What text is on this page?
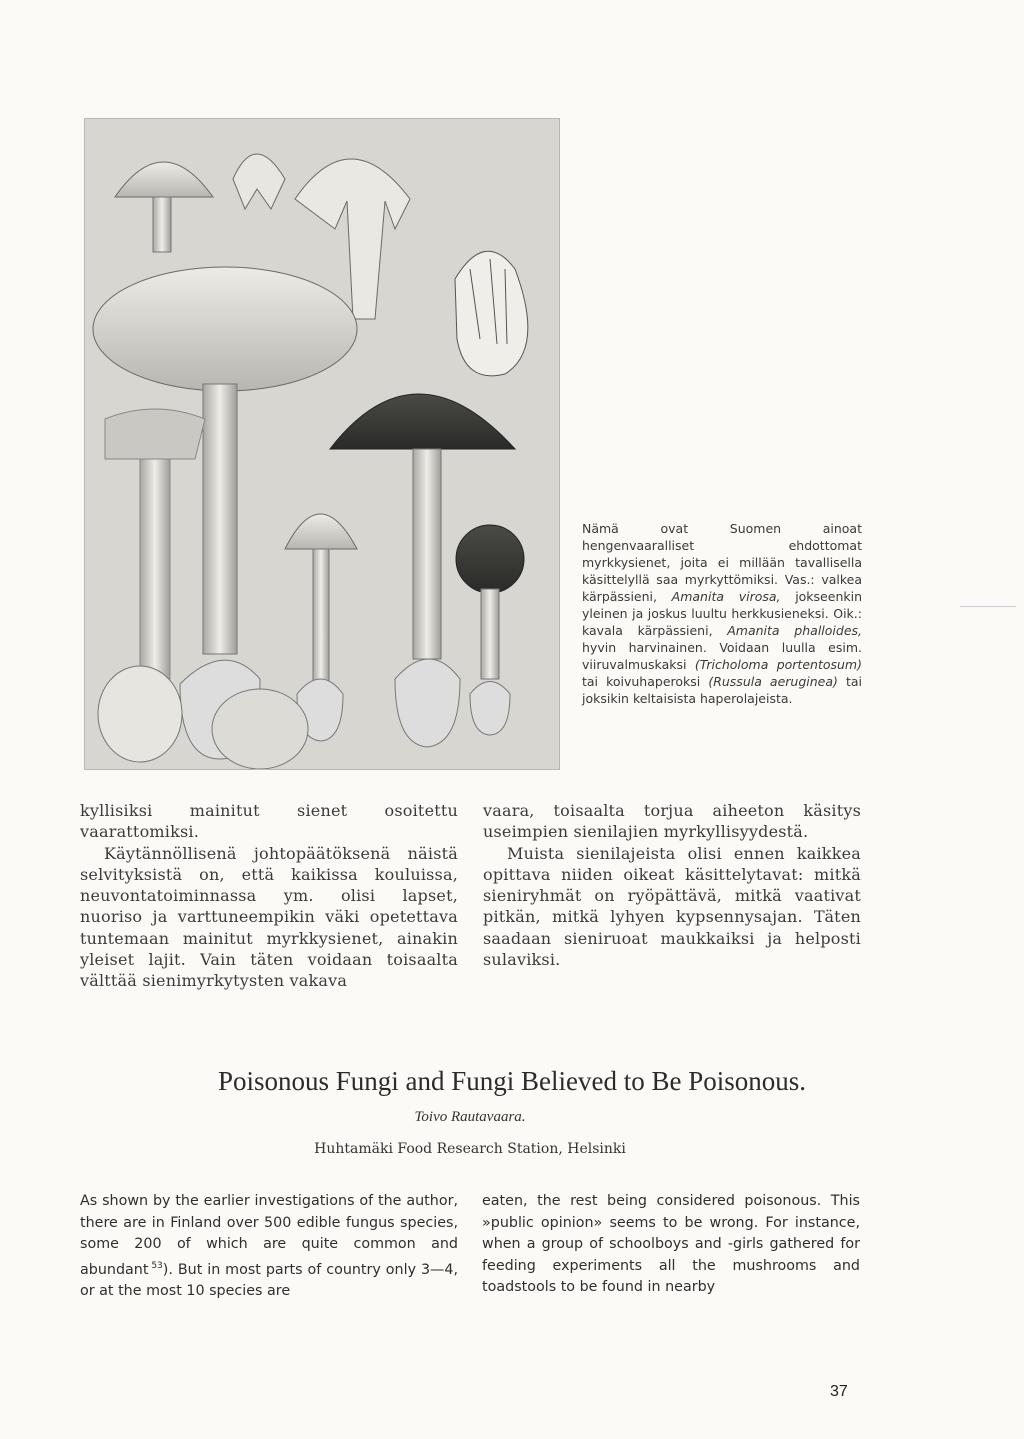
Nämä ovat Suomen ainoat hengenvaaralliset ehdottomat myrkkysienet, joita ei millään tavallisella käsittelyllä saa myrkyttömiksi. Vas.: valkea kärpässieni, Amanita virosa, jokseenkin yleinen ja joskus luultu herkkusieneksi. Oik.: kavala kärpässieni, Amanita phalloides, hyvin harvinainen. Voidaan luulla esim. viiruvalmuskaksi (Tricholoma portentosum) tai koivuhaperoksi (Russula aeruginea) tai joksikin keltaisista haperolajeista.

kyllisiksi mainitut sienet osoitettu vaarattomiksi.

Käytännöllisenä johtopäätöksenä näistä selvityksistä on, että kaikissa kouluissa, neuvontatoiminnassa ym. olisi lapset, nuoriso ja varttuneempikin väki opetettava tuntemaan mainitut myrkkysienet, ainakin yleiset lajit. Vain täten voidaan toisaalta välttää sienimyrkytysten vakava

vaara, toisaalta torjua aiheeton käsitys useimpien sienilajien myrkyllisyydestä.

Muista sienilajeista olisi ennen kaikkea opittava niiden oikeat käsittelytavat: mitkä sieniryhmät on ryöpättävä, mitkä vaativat pitkän, mitkä lyhyen kypsennysajan. Täten saadaan sieniruoat maukkaiksi ja helposti sulaviksi.

Poisonous Fungi and Fungi Believed to Be Poisonous.
Toivo Rautavaara.
Huhtamäki Food Research Station, Helsinki

As shown by the earlier investigations of the author, there are in Finland over 500 edible fungus species, some 200 of which are quite common and abundant  $^{53}$). But in most parts of country only 3—4, or at the most 10 species are

eaten, the rest being considered poisonous. This »public opinion» seems to be wrong. For instance, when a group of schoolboys and -girls gathered for feeding experiments all the mushrooms and toadstools to be found in nearby

37
